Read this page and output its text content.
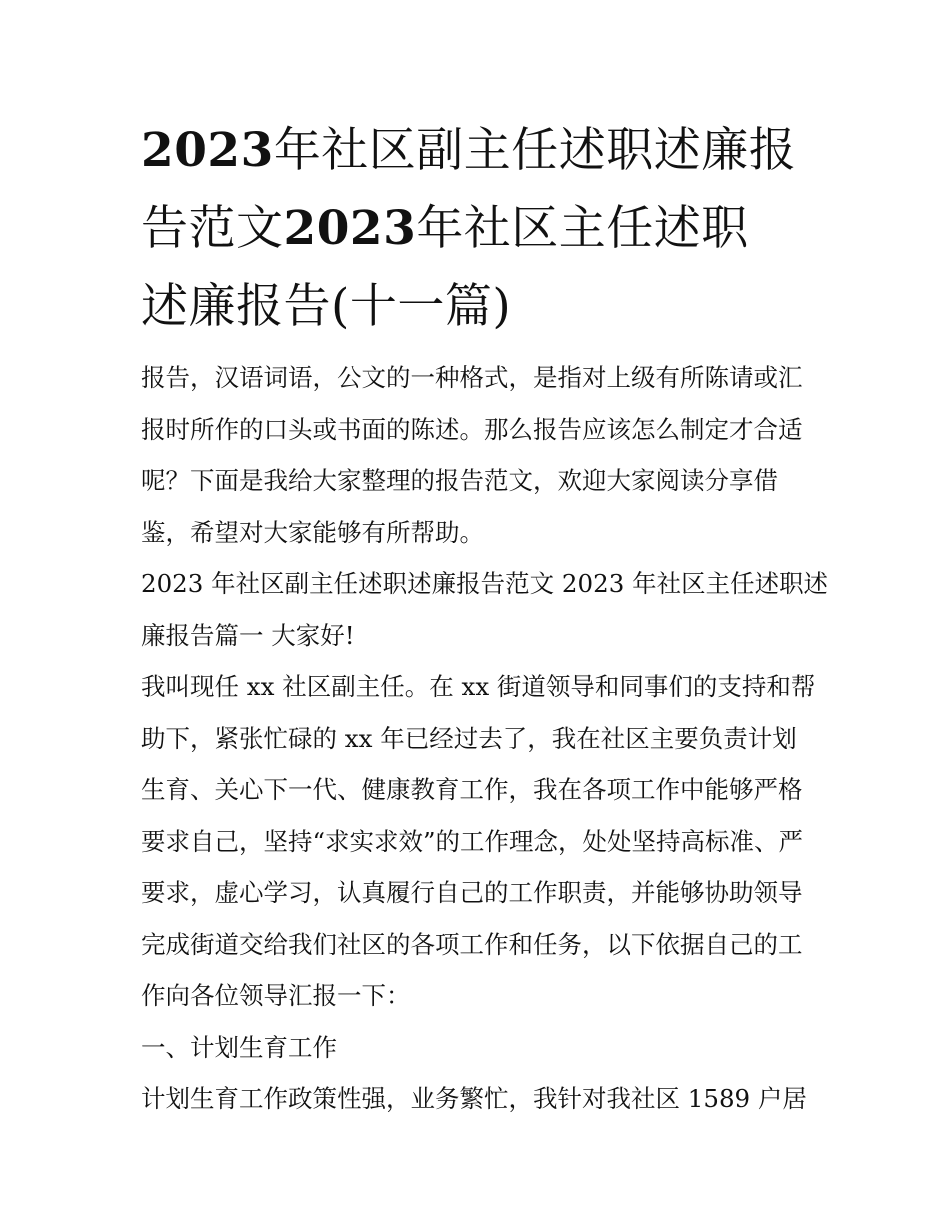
2023年社区副主任述职述廉报
告范文2023年社区主任述职
述廉报告(十一篇)

报告，汉语词语，公文的一种格式，是指对上级有所陈请或汇
报时所作的口头或书面的陈述。那么报告应该怎么制定才合适
呢？下面是我给大家整理的报告范文，欢迎大家阅读分享借
鉴，希望对大家能够有所帮助。

2023 年社区副主任述职述廉报告范文 2023 年社区主任述职述
廉报告篇一 大家好!

我叫现任 xx 社区副主任。在 xx 街道领导和同事们的支持和帮
助下，紧张忙碌的 xx 年已经过去了，我在社区主要负责计划
生育、关心下一代、健康教育工作，我在各项工作中能够严格
要求自己，坚持“求实求效”的工作理念，处处坚持高标准、严
要求，虚心学习，认真履行自己的工作职责，并能够协助领导
完成街道交给我们社区的各项工作和任务，以下依据自己的工
作向各位领导汇报一下：

一、计划生育工作

计划生育工作政策性强，业务繁忙，我针对我社区 1589 户居
